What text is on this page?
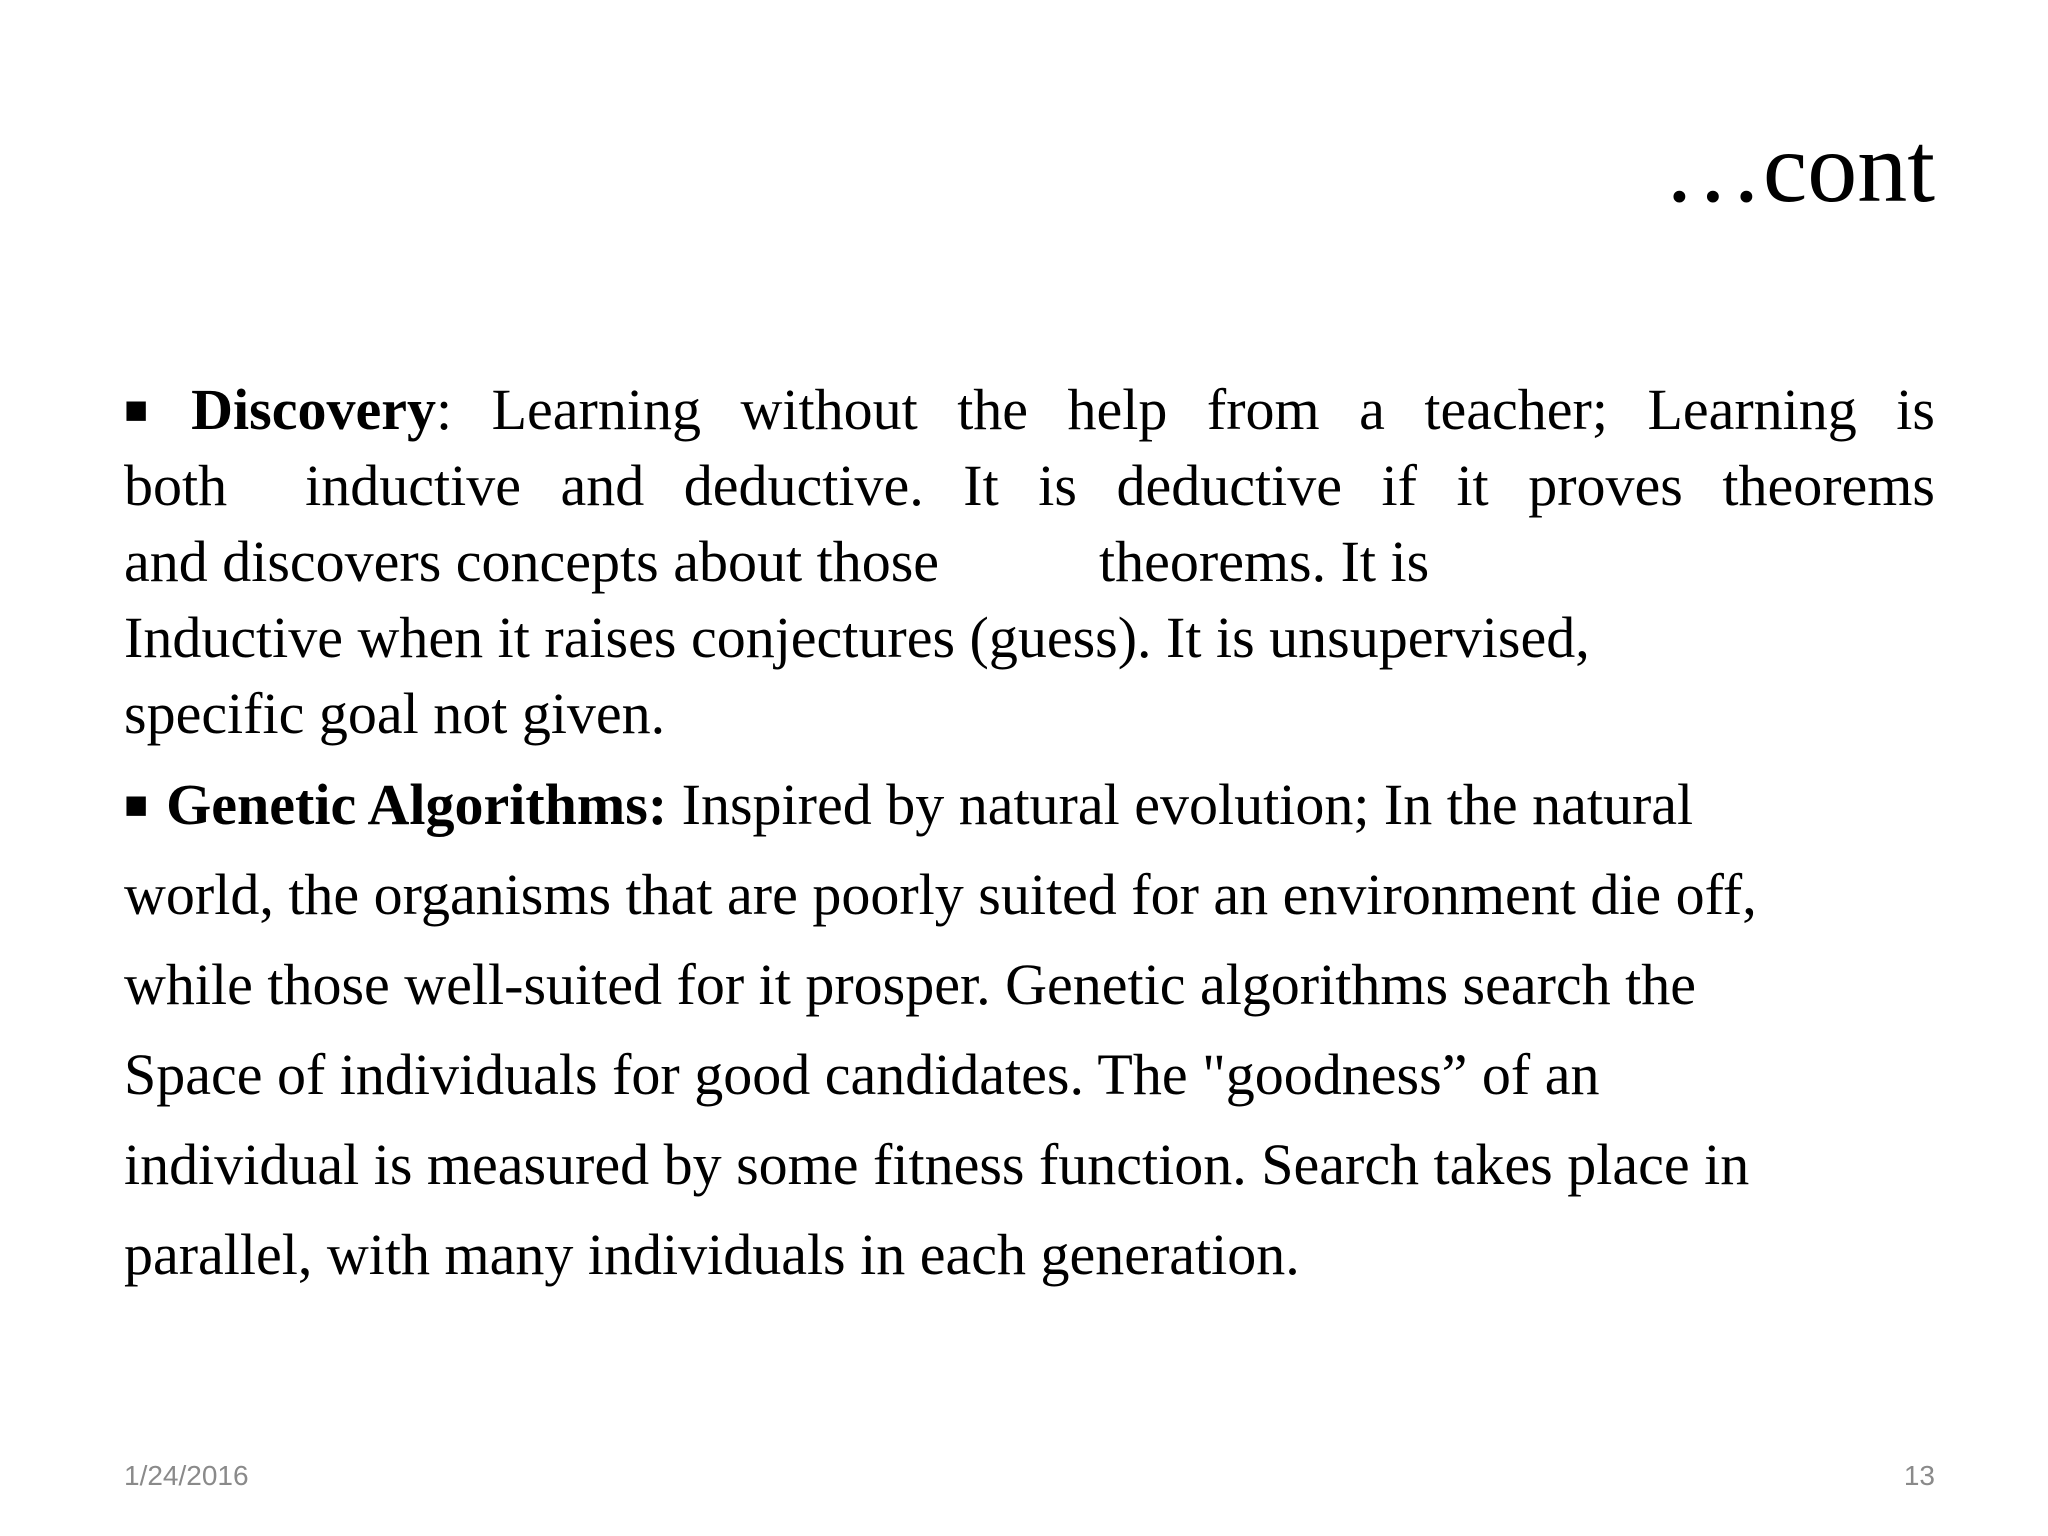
…cont
■ Discovery: Learning without the help from a teacher; Learning is
both inductive and deductive. It is deductive if it proves theorems
and discovers concepts about those	theorems. It is
Inductive when it raises conjectures (guess). It is unsupervised,
specific goal not given.
■ Genetic Algorithms: Inspired by natural evolution; In the natural
world, the organisms that are poorly suited for an environment die off,
while those well-suited for it prosper. Genetic algorithms search the
Space of individuals for good candidates. The "goodness” of an
individual is measured by some fitness function. Search takes place in
parallel, with many individuals in each generation.
1/24/2016	13
